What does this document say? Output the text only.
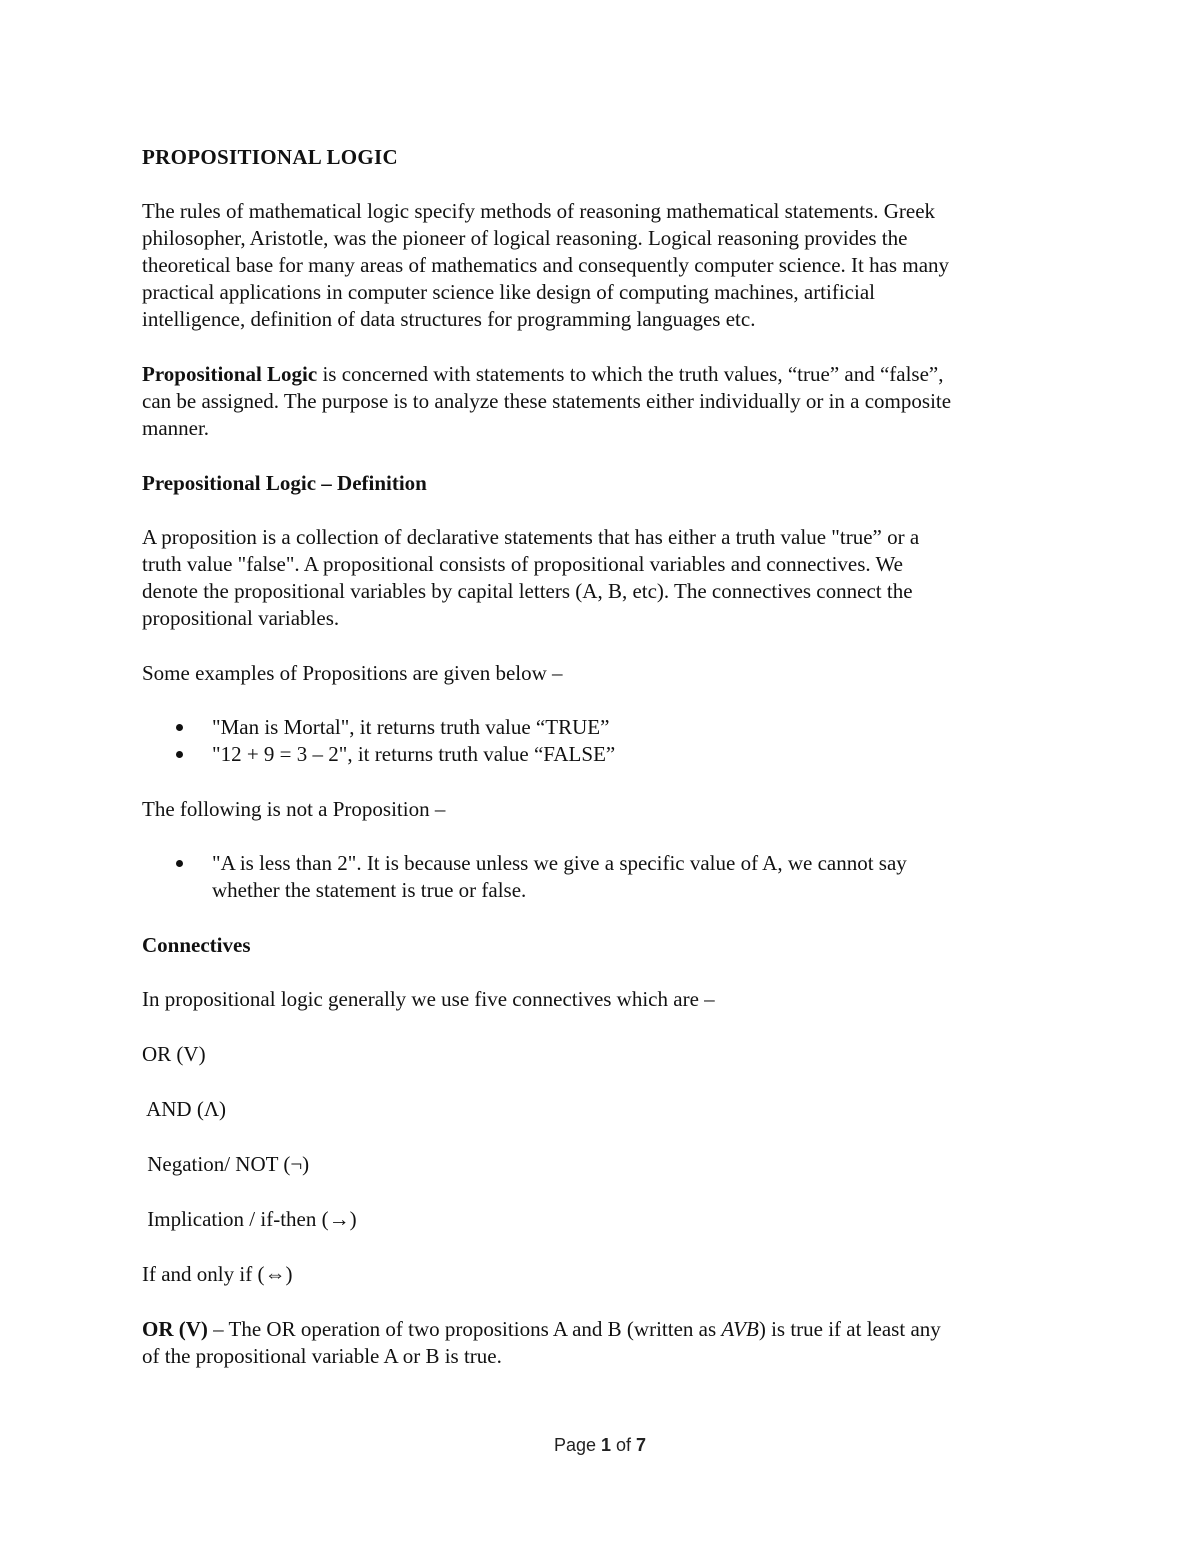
PROPOSITIONAL LOGIC
The rules of mathematical logic specify methods of reasoning mathematical statements. Greek
philosopher, Aristotle, was the pioneer of logical reasoning. Logical reasoning provides the
theoretical base for many areas of mathematics and consequently computer science. It has many
practical applications in computer science like design of computing machines, artificial
intelligence, definition of data structures for programming languages etc.
Propositional Logic is concerned with statements to which the truth values, “true” and “false”,
can be assigned. The purpose is to analyze these statements either individually or in a composite
manner.
Prepositional Logic – Definition
A proposition is a collection of declarative statements that has either a truth value "true” or a
truth value "false". A propositional consists of propositional variables and connectives. We
denote the propositional variables by capital letters (A, B, etc). The connectives connect the
propositional variables.
Some examples of Propositions are given below –
"Man is Mortal", it returns truth value “TRUE”
"12 + 9 = 3 – 2", it returns truth value “FALSE”
The following is not a Proposition –
"A is less than 2". It is because unless we give a specific value of A, we cannot say
whether the statement is true or false.
Connectives
In propositional logic generally we use five connectives which are –
OR (V)
AND (Λ)
Negation/ NOT (¬)
Implication / if-then (→)
If and only if (⇔)
OR (V) – The OR operation of two propositions A and B (written as AVB) is true if at least any
of the propositional variable A or B is true.
Page 1 of 7
